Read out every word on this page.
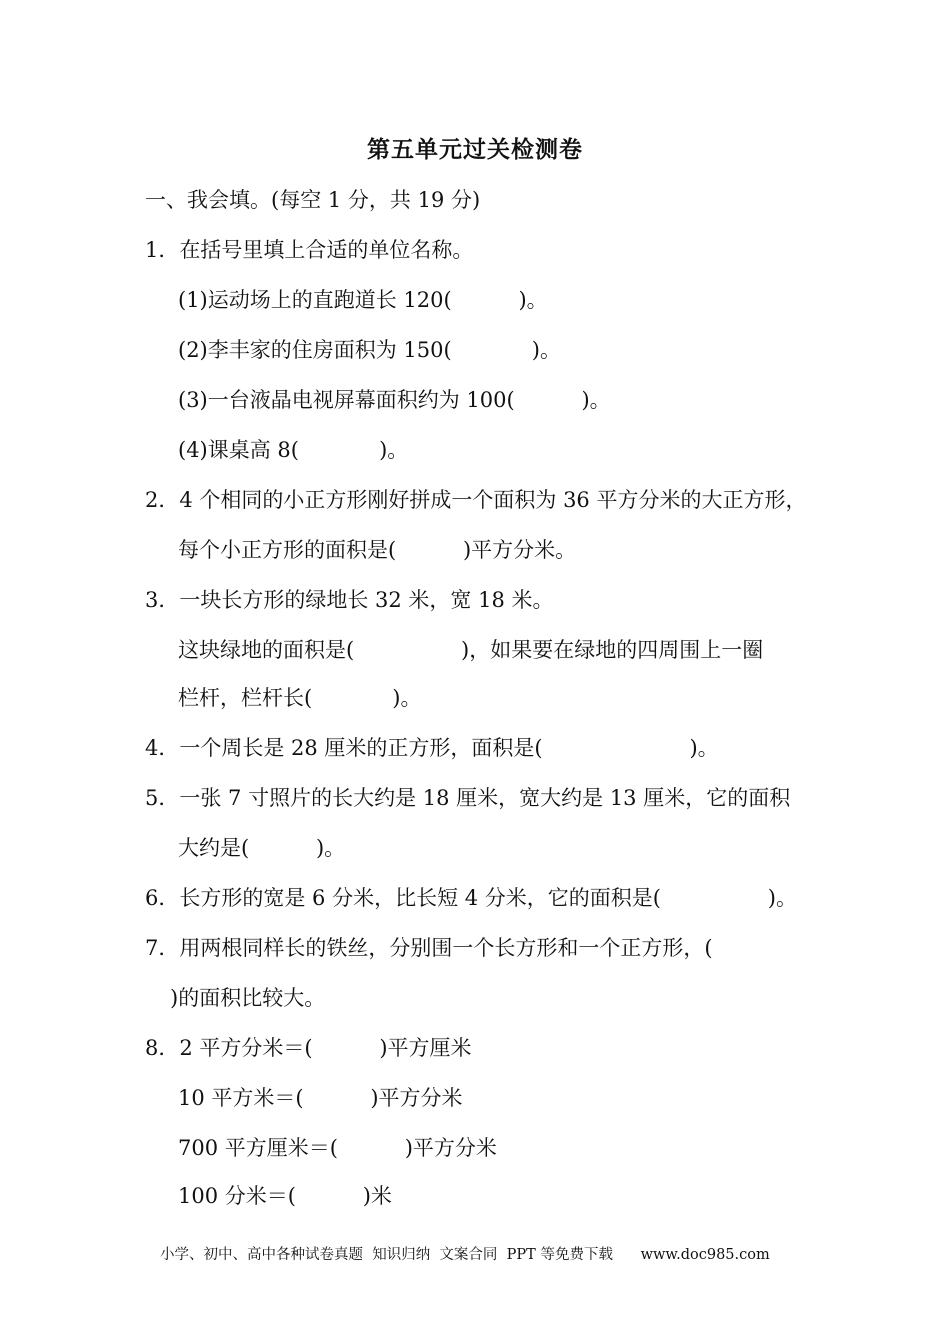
第五单元过关检测卷
一、我会填。(每空 1 分，共 19 分)
1．在括号里填上合适的单位名称。
(1)运动场上的直跑道长 120(          )。
(2)李丰家的住房面积为 150(            )。
(3)一台液晶电视屏幕面积约为 100(          )。
(4)课桌高 8(            )。
2．4 个相同的小正方形刚好拼成一个面积为 36 平方分米的大正方形，
每个小正方形的面积是(          )平方分米。
3．一块长方形的绿地长 32 米，宽 18 米。
这块绿地的面积是(                )，如果要在绿地的四周围上一圈
栏杆，栏杆长(            )。
4．一个周长是 28 厘米的正方形，面积是(                      )。
5．一张 7 寸照片的长大约是 18 厘米，宽大约是 13 厘米，它的面积
大约是(          )。
6．长方形的宽是 6 分米，比长短 4 分米，它的面积是(                )。
7．用两根同样长的铁丝，分别围一个长方形和一个正方形，(
)的面积比较大。
8．2 平方分米＝(          )平方厘米
10 平方米＝(          )平方分米
700 平方厘米＝(          )平方分米
100 分米＝(          )米
小学、初中、高中各种试卷真题  知识归纳  文案合同  PPT 等免费下载      www.doc985.com
